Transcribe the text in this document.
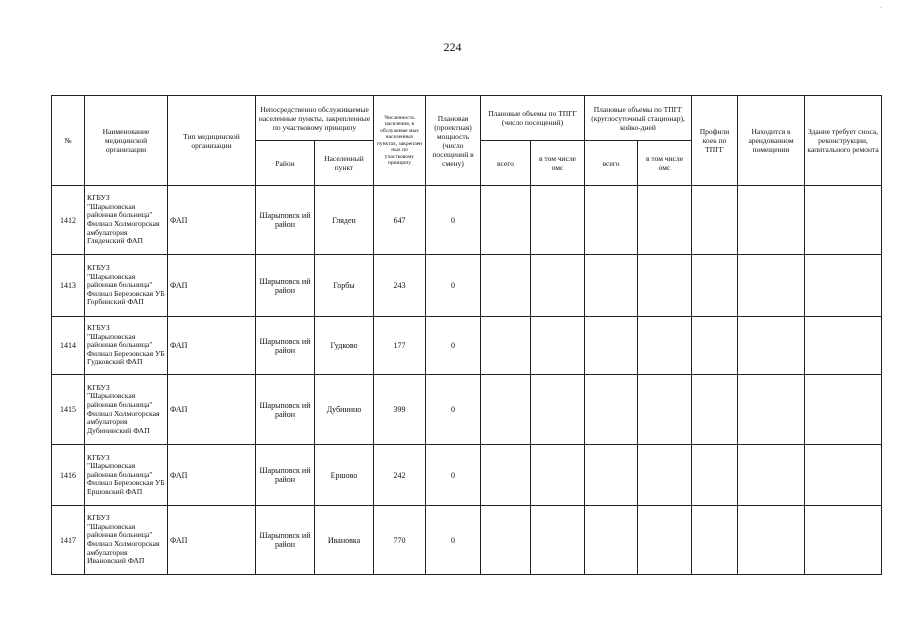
224
№	Наименование медицинской организации	Тип медицинской организации	Непосредственно обслуживаемые населенные пункты, закрепленные по участковому принципу		Численность населения, в обслуживае мых населенных пунктах, закреплен ных по участковому принципу	Плановая (проектная) мощность (число посещений в смену)	Плановые объемы по ТПГГ (число посещений)		Плановые объемы по ТПГГ (круглосуточный стационар), койко-дней		Профили коек по ТПГГ	Находится в арендованном помещении	Здание требует сноса, реконструкции, капитального ремонта
			Район	Населенный пункт			всего	в том числе омс	всего	в том числе омс			
1412	КГБУЗ
"Шарыповская районная больница" Филиал Холмогорская амбулатория Гляденский ФАП	ФАП	Шарыповск ий район	Гляден	647	0							
1413	КГБУЗ
"Шарыповская районная больница" Филиал Березовская УБ Горбинский ФАП	ФАП	Шарыповск ий район	Горбы	243	0							
1414	КГБУЗ
"Шарыповская районная больница" Филиал Березовская УБ Гудковский ФАП	ФАП	Шарыповск ий район	Гудково	177	0							
1415	КГБУЗ
"Шарыповская районная больница" Филиал Холмогорская амбулатория Дубининский ФАП	ФАП	Шарыповск ий район	Дубинино	399	0							
1416	КГБУЗ
"Шарыповская районная больница" Филиал Березовская УБ Ершовский ФАП	ФАП	Шарыповск ий район	Ершово	242	0							
1417	КГБУЗ
"Шарыповская районная больница" Филиал Холмогорская амбулатория Ивановский ФАП	ФАП	Шарыповск ий район	Ивановка	770	0							
·
